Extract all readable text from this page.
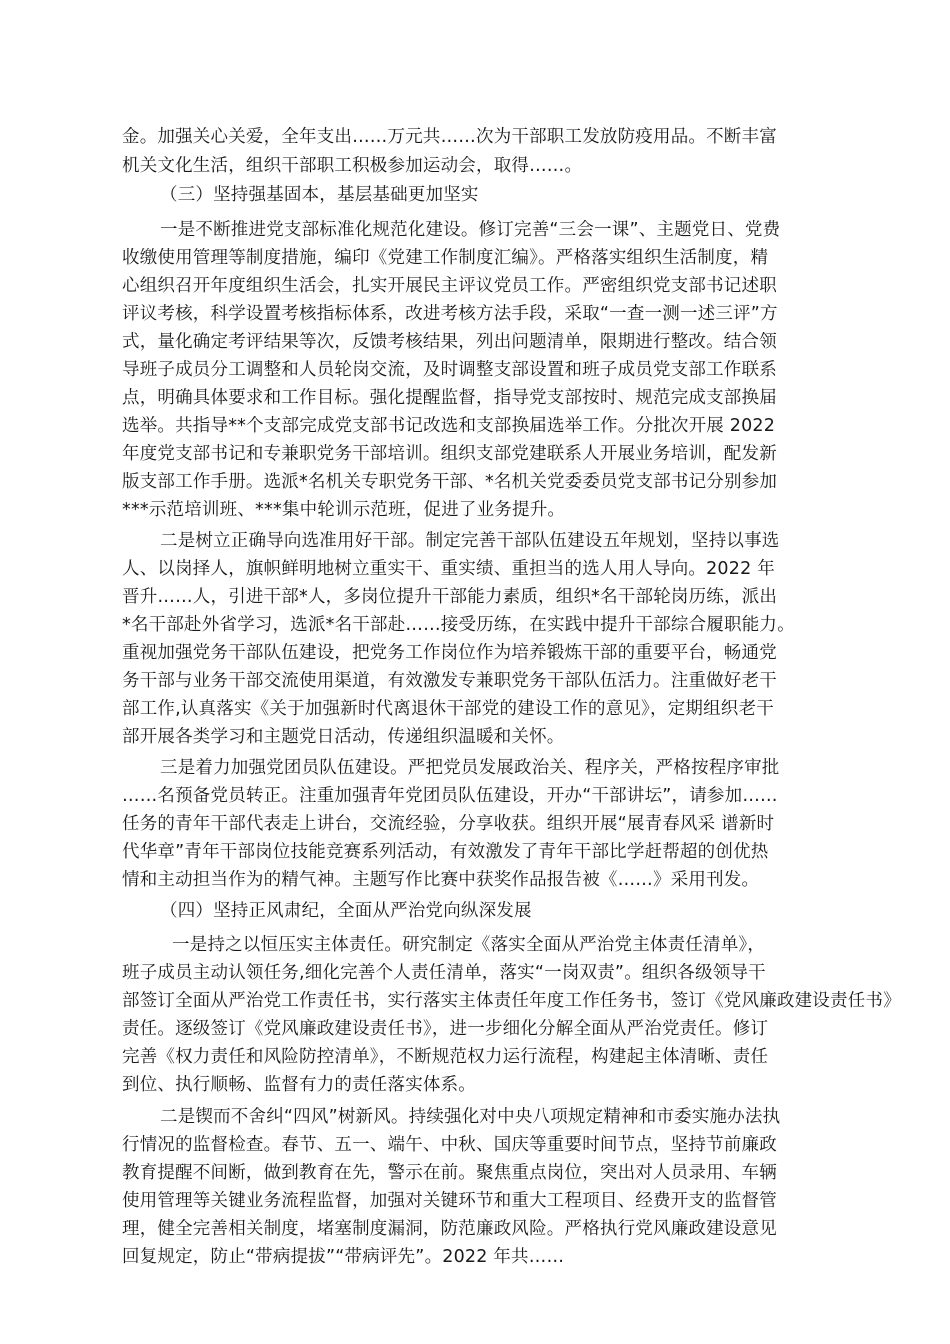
金。加强关心关爱，全年支出……万元共……次为干部职工发放防疫用品。不断丰富
机关文化生活，组织干部职工积极参加运动会，取得……。
（三）坚持强基固本，基层基础更加坚实
一是不断推进党支部标准化规范化建设。修订完善“三会一课”、主题党日、党费
收缴使用管理等制度措施，编印《党建工作制度汇编》。严格落实组织生活制度，精
心组织召开年度组织生活会，扎实开展民主评议党员工作。严密组织党支部书记述职
评议考核，科学设置考核指标体系，改进考核方法手段，采取“一查一测一述三评”方
式，量化确定考评结果等次，反馈考核结果，列出问题清单，限期进行整改。结合领
导班子成员分工调整和人员轮岗交流，及时调整支部设置和班子成员党支部工作联系
点，明确具体要求和工作目标。强化提醒监督，指导党支部按时、规范完成支部换届
选举。共指导**个支部完成党支部书记改选和支部换届选举工作。分批次开展 2022
年度党支部书记和专兼职党务干部培训。组织支部党建联系人开展业务培训，配发新
版支部工作手册。选派*名机关专职党务干部、*名机关党委委员党支部书记分别参加
***示范培训班、***集中轮训示范班，促进了业务提升。
二是树立正确导向选准用好干部。制定完善干部队伍建设五年规划，坚持以事选
人、以岗择人，旗帜鲜明地树立重实干、重实绩、重担当的选人用人导向。2022 年
晋升……人，引进干部*人，多岗位提升干部能力素质，组织*名干部轮岗历练，派出
*名干部赴外省学习，选派*名干部赴……接受历练，在实践中提升干部综合履职能力。
重视加强党务干部队伍建设，把党务工作岗位作为培养锻炼干部的重要平台，畅通党
务干部与业务干部交流使用渠道，有效激发专兼职党务干部队伍活力。注重做好老干
部工作,认真落实《关于加强新时代离退休干部党的建设工作的意见》，定期组织老干
部开展各类学习和主题党日活动，传递组织温暖和关怀。
三是着力加强党团员队伍建设。严把党员发展政治关、程序关，严格按程序审批
……名预备党员转正。注重加强青年党团员队伍建设，开办“干部讲坛”，请参加……
任务的青年干部代表走上讲台，交流经验，分享收获。组织开展“展青春风采 谱新时
代华章”青年干部岗位技能竞赛系列活动，有效激发了青年干部比学赶帮超的创优热
情和主动担当作为的精气神。主题写作比赛中获奖作品报告被《……》采用刊发。
（四）坚持正风肃纪，全面从严治党向纵深发展
一是持之以恒压实主体责任。研究制定《落实全面从严治党主体责任清单》，
班子成员主动认领任务,细化完善个人责任清单，落实“一岗双责”。组织各级领导干
部签订全面从严治党工作责任书，实行落实主体责任年度工作任务书，签订《党风廉政建设责任书》
责任。逐级签订《党风廉政建设责任书》，进一步细化分解全面从严治党责任。修订
完善《权力责任和风险防控清单》，不断规范权力运行流程，构建起主体清晰、责任
到位、执行顺畅、监督有力的责任落实体系。
二是锲而不舍纠“四风”树新风。持续强化对中央八项规定精神和市委实施办法执
行情况的监督检查。春节、五一、端午、中秋、国庆等重要时间节点，坚持节前廉政
教育提醒不间断，做到教育在先，警示在前。聚焦重点岗位，突出对人员录用、车辆
使用管理等关键业务流程监督，加强对关键环节和重大工程项目、经费开支的监督管
理，健全完善相关制度，堵塞制度漏洞，防范廉政风险。严格执行党风廉政建设意见
回复规定，防止“带病提拔”“带病评先”。2022 年共……
